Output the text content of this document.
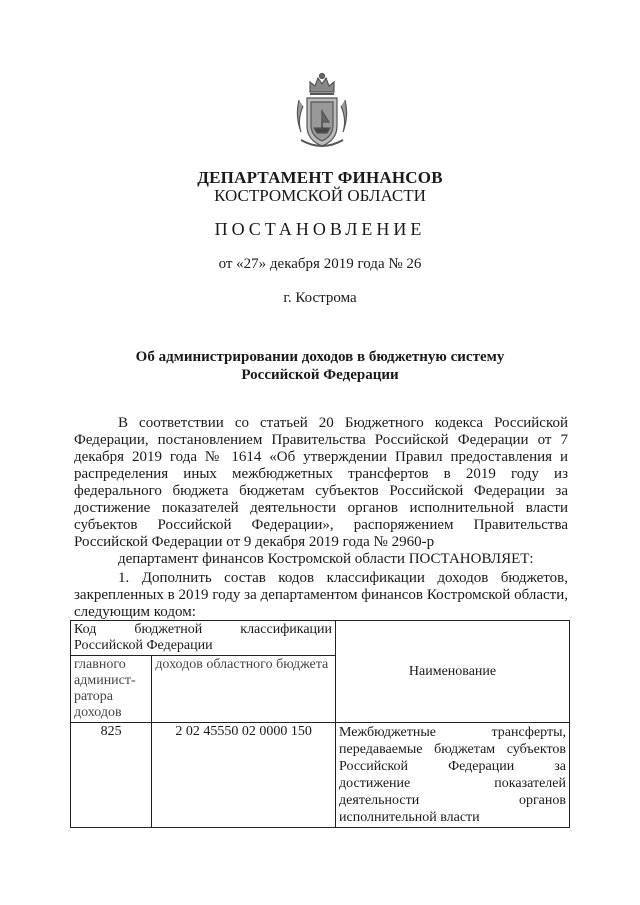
ДЕПАРТАМЕНТ ФИНАНСОВ
КОСТРОМСКОЙ ОБЛАСТИ
ПОСТАНОВЛЕНИЕ
от «27» декабря 2019 года № 26
г. Кострома
Об администрировании доходов в бюджетную систему
Российской Федерации
В соответствии со статьей 20 Бюджетного кодекса Российской Федерации, постановлением Правительства Российской Федерации от 7 декабря 2019 года № 1614 «Об утверждении Правил предоставления и распределения иных межбюджетных трансфертов в 2019 году из федерального бюджета бюджетам субъектов Российской Федерации за достижение показателей деятельности органов исполнительной власти субъектов Российской Федерации», распоряжением Правительства Российской Федерации от 9 декабря 2019 года № 2960-р
департамент финансов Костромской области ПОСТАНОВЛЯЕТ:
1. Дополнить состав кодов классификации доходов бюджетов, закрепленных в 2019 году за департаментом финансов Костромской области, следующим кодом:
Код бюджетной классификации Российской Федерации		Наименование
главного админист-ратора доходов	доходов областного бюджета	
825	2 02 45550 02 0000 150	Межбюджетные трансферты, передаваемые бюджетам субъектов Российской Федерации за достижение показателей деятельности органов исполнительной власти
